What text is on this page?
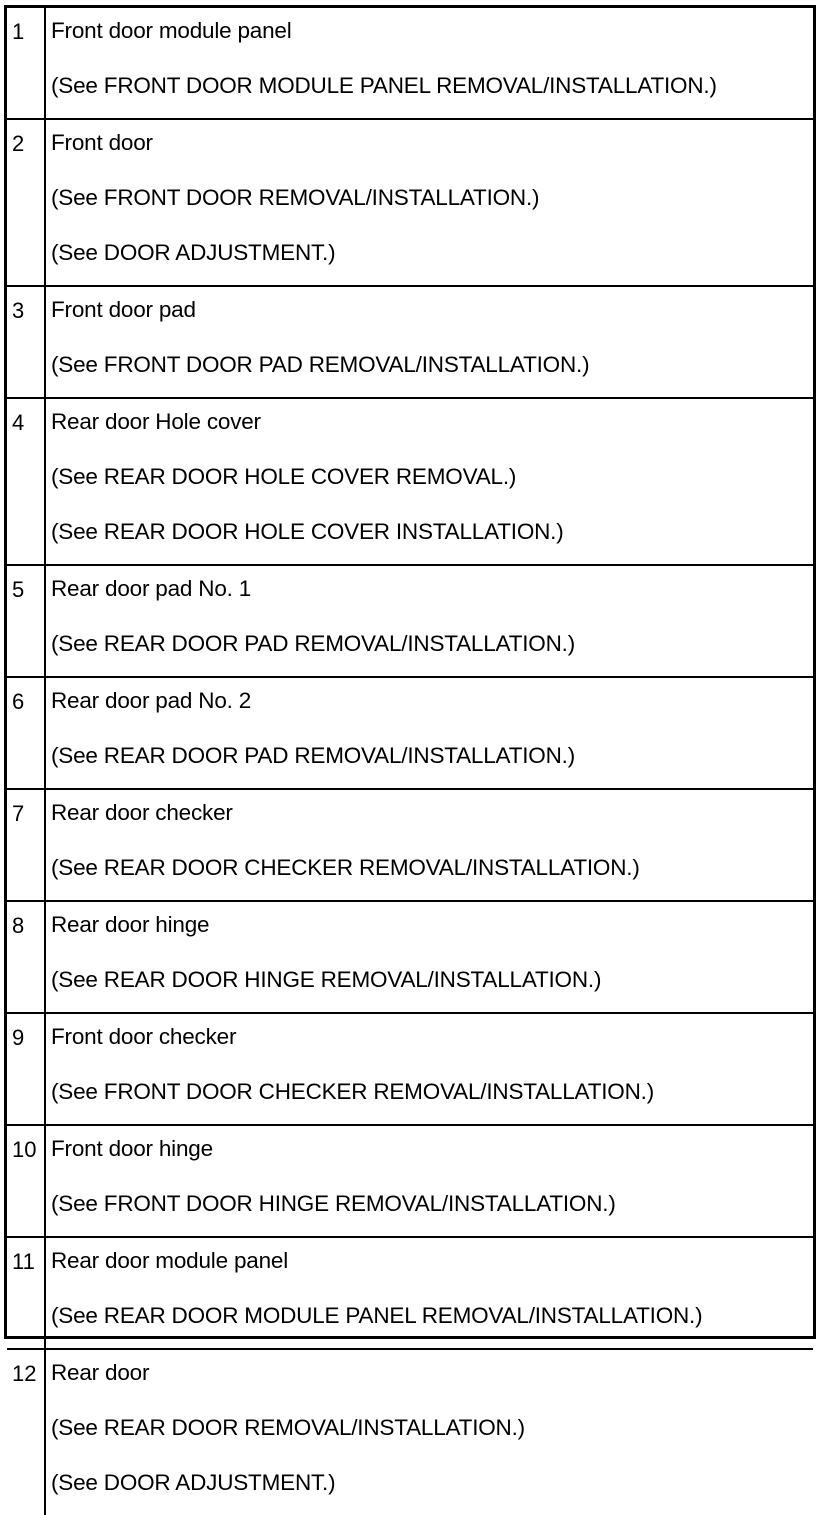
1	Front door module panel
(See FRONT DOOR MODULE PANEL REMOVAL/INSTALLATION.)

2	Front door
(See FRONT DOOR REMOVAL/INSTALLATION.)
(See DOOR ADJUSTMENT.)

3	Front door pad
(See FRONT DOOR PAD REMOVAL/INSTALLATION.)

4	Rear door Hole cover
(See REAR DOOR HOLE COVER REMOVAL.)
(See REAR DOOR HOLE COVER INSTALLATION.)

5	Rear door pad No. 1
(See REAR DOOR PAD REMOVAL/INSTALLATION.)

6	Rear door pad No. 2
(See REAR DOOR PAD REMOVAL/INSTALLATION.)

7	Rear door checker
(See REAR DOOR CHECKER REMOVAL/INSTALLATION.)

8	Rear door hinge
(See REAR DOOR HINGE REMOVAL/INSTALLATION.)

9	Front door checker
(See FRONT DOOR CHECKER REMOVAL/INSTALLATION.)

10	Front door hinge
(See FRONT DOOR HINGE REMOVAL/INSTALLATION.)

11	Rear door module panel
(See REAR DOOR MODULE PANEL REMOVAL/INSTALLATION.)

12	Rear door
(See REAR DOOR REMOVAL/INSTALLATION.)
(See DOOR ADJUSTMENT.)
